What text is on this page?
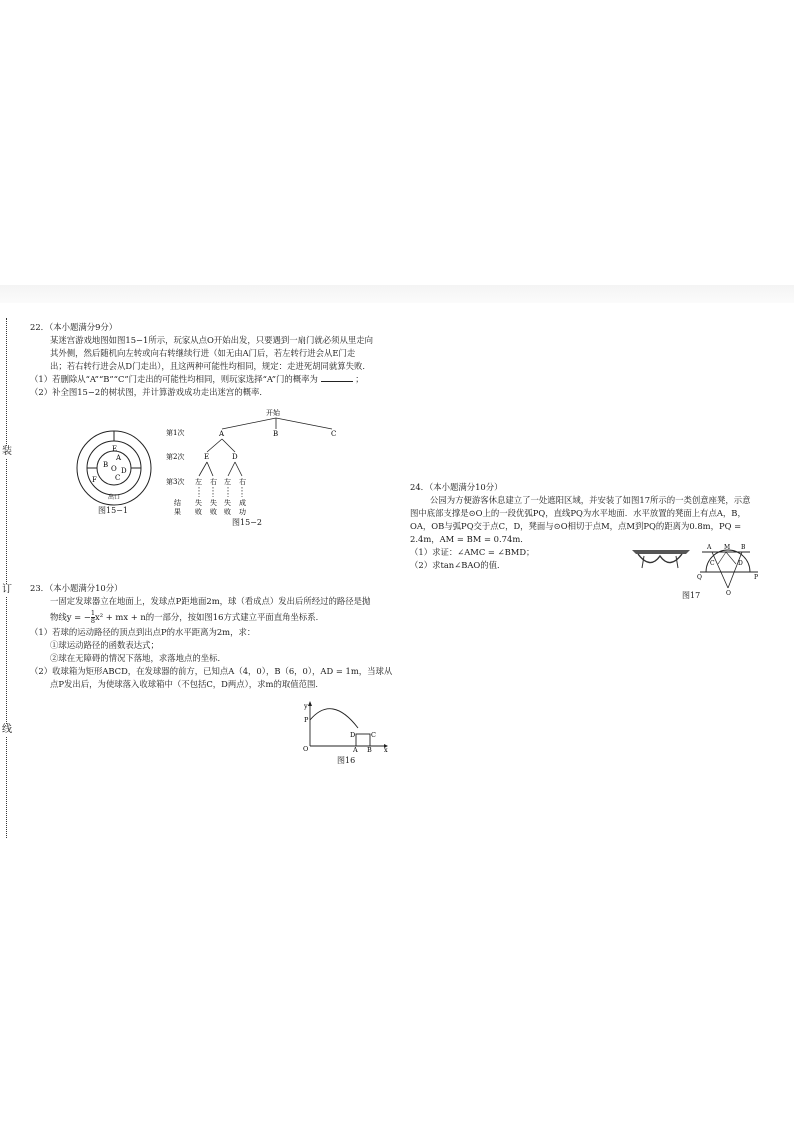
装
订
线

22．（本小题满分9分）

某迷宫游戏地图如图15−1所示，玩家从点O开始出发，只要遇到一扇门就必须从里走向

其外侧，然后随机向左转或向右转继续行进（如无由A门后，若左转行进会从E门走

出；若右转行进会从D门走出），且这两种可能性均相同，规定：走进死胡同就算失败．

（1）若删除从“A”“B”“C”门走出的可能性均相同，则玩家选择“A”门的概率为	；

（2）补全图15−2的树状图，并计算游戏成功走出迷宫的概率．

E
A
B O
C
D
F
出口
图15−1
开始
第1次
第2次
第3次
A	B	C
E	D
左 右 左 右
结
果
失
败
失
败
失
败
成
功
图15−2

23．（本小题满分10分）

一固定发球器立在地面上，发球点P距地面2m，球（看成点）发出后所经过的路径是抛

物线y = − $\frac{1}{8} x^2$ + mx + n的一部分，按如图16方式建立平面直角坐标系．

（1）若球的运动路径的顶点到出点P的水平距离为2m，求：

①球运动路径的函数表达式；

②球在无障碍的情况下落地，求落地点的坐标．

（2）收球箱为矩形ABCD，在发球器的前方，已知点A（4，0），B（6，0），AD = 1m，当球从

点P发出后，为使球落入收球箱中（不包括C，D两点），求m的取值范围．

y
x
O
P
D C
A B
图16

24．（本小题满分10分）

公园为方便游客休息建立了一处遮阳区域，并安装了如图17所示的一类创意座凳，示意

图中底部支撑是⊙O上的一段优弧PQ，直线PQ为水平地面．水平放置的凳面上有点A，B，

OA，OB与弧PQ交于点C，D，凳面与⊙O相切于点M，点M到PQ的距离为0.8m，PQ =

2.4m，AM = BM = 0.74m．

（1）求证：∠AMC = ∠BMD；

（2）求tan∠BAO的值．

A M B
C	D
Q	P
O
图17
